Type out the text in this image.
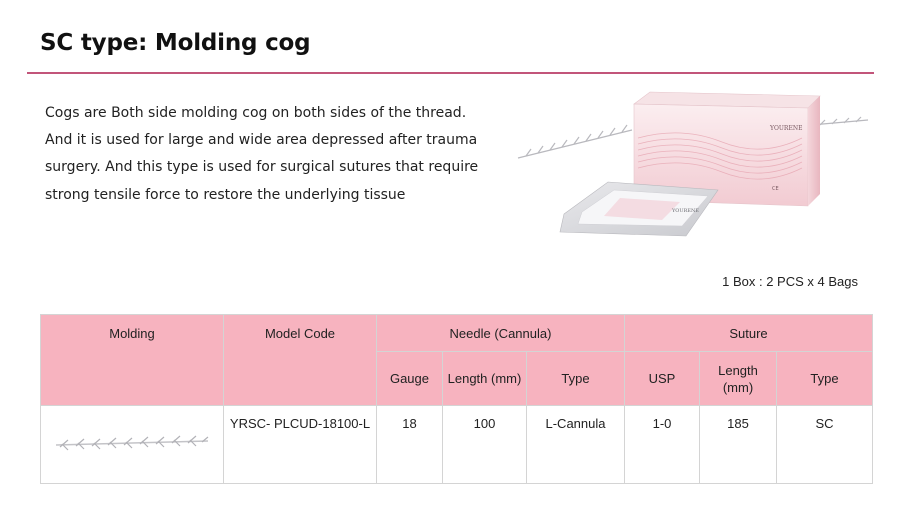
SC type: Molding cog

Cogs are Both side molding cog on both sides of the thread. And it is used for large and wide area depressed after trauma surgery. And this type is used for surgical sutures that require strong tensile force to restore the underlying tissue

YOURENE
CE
YOURENE
1 Box : 2 PCS x 4 Bags
Molding	Model Code	Needle (Cannula)			Suture		
		Gauge	Length (mm)	Type	USP	Length (mm)	Type
	YRSC- PLCUD-18100-L	18	100	L-Cannula	1-0	185	SC
